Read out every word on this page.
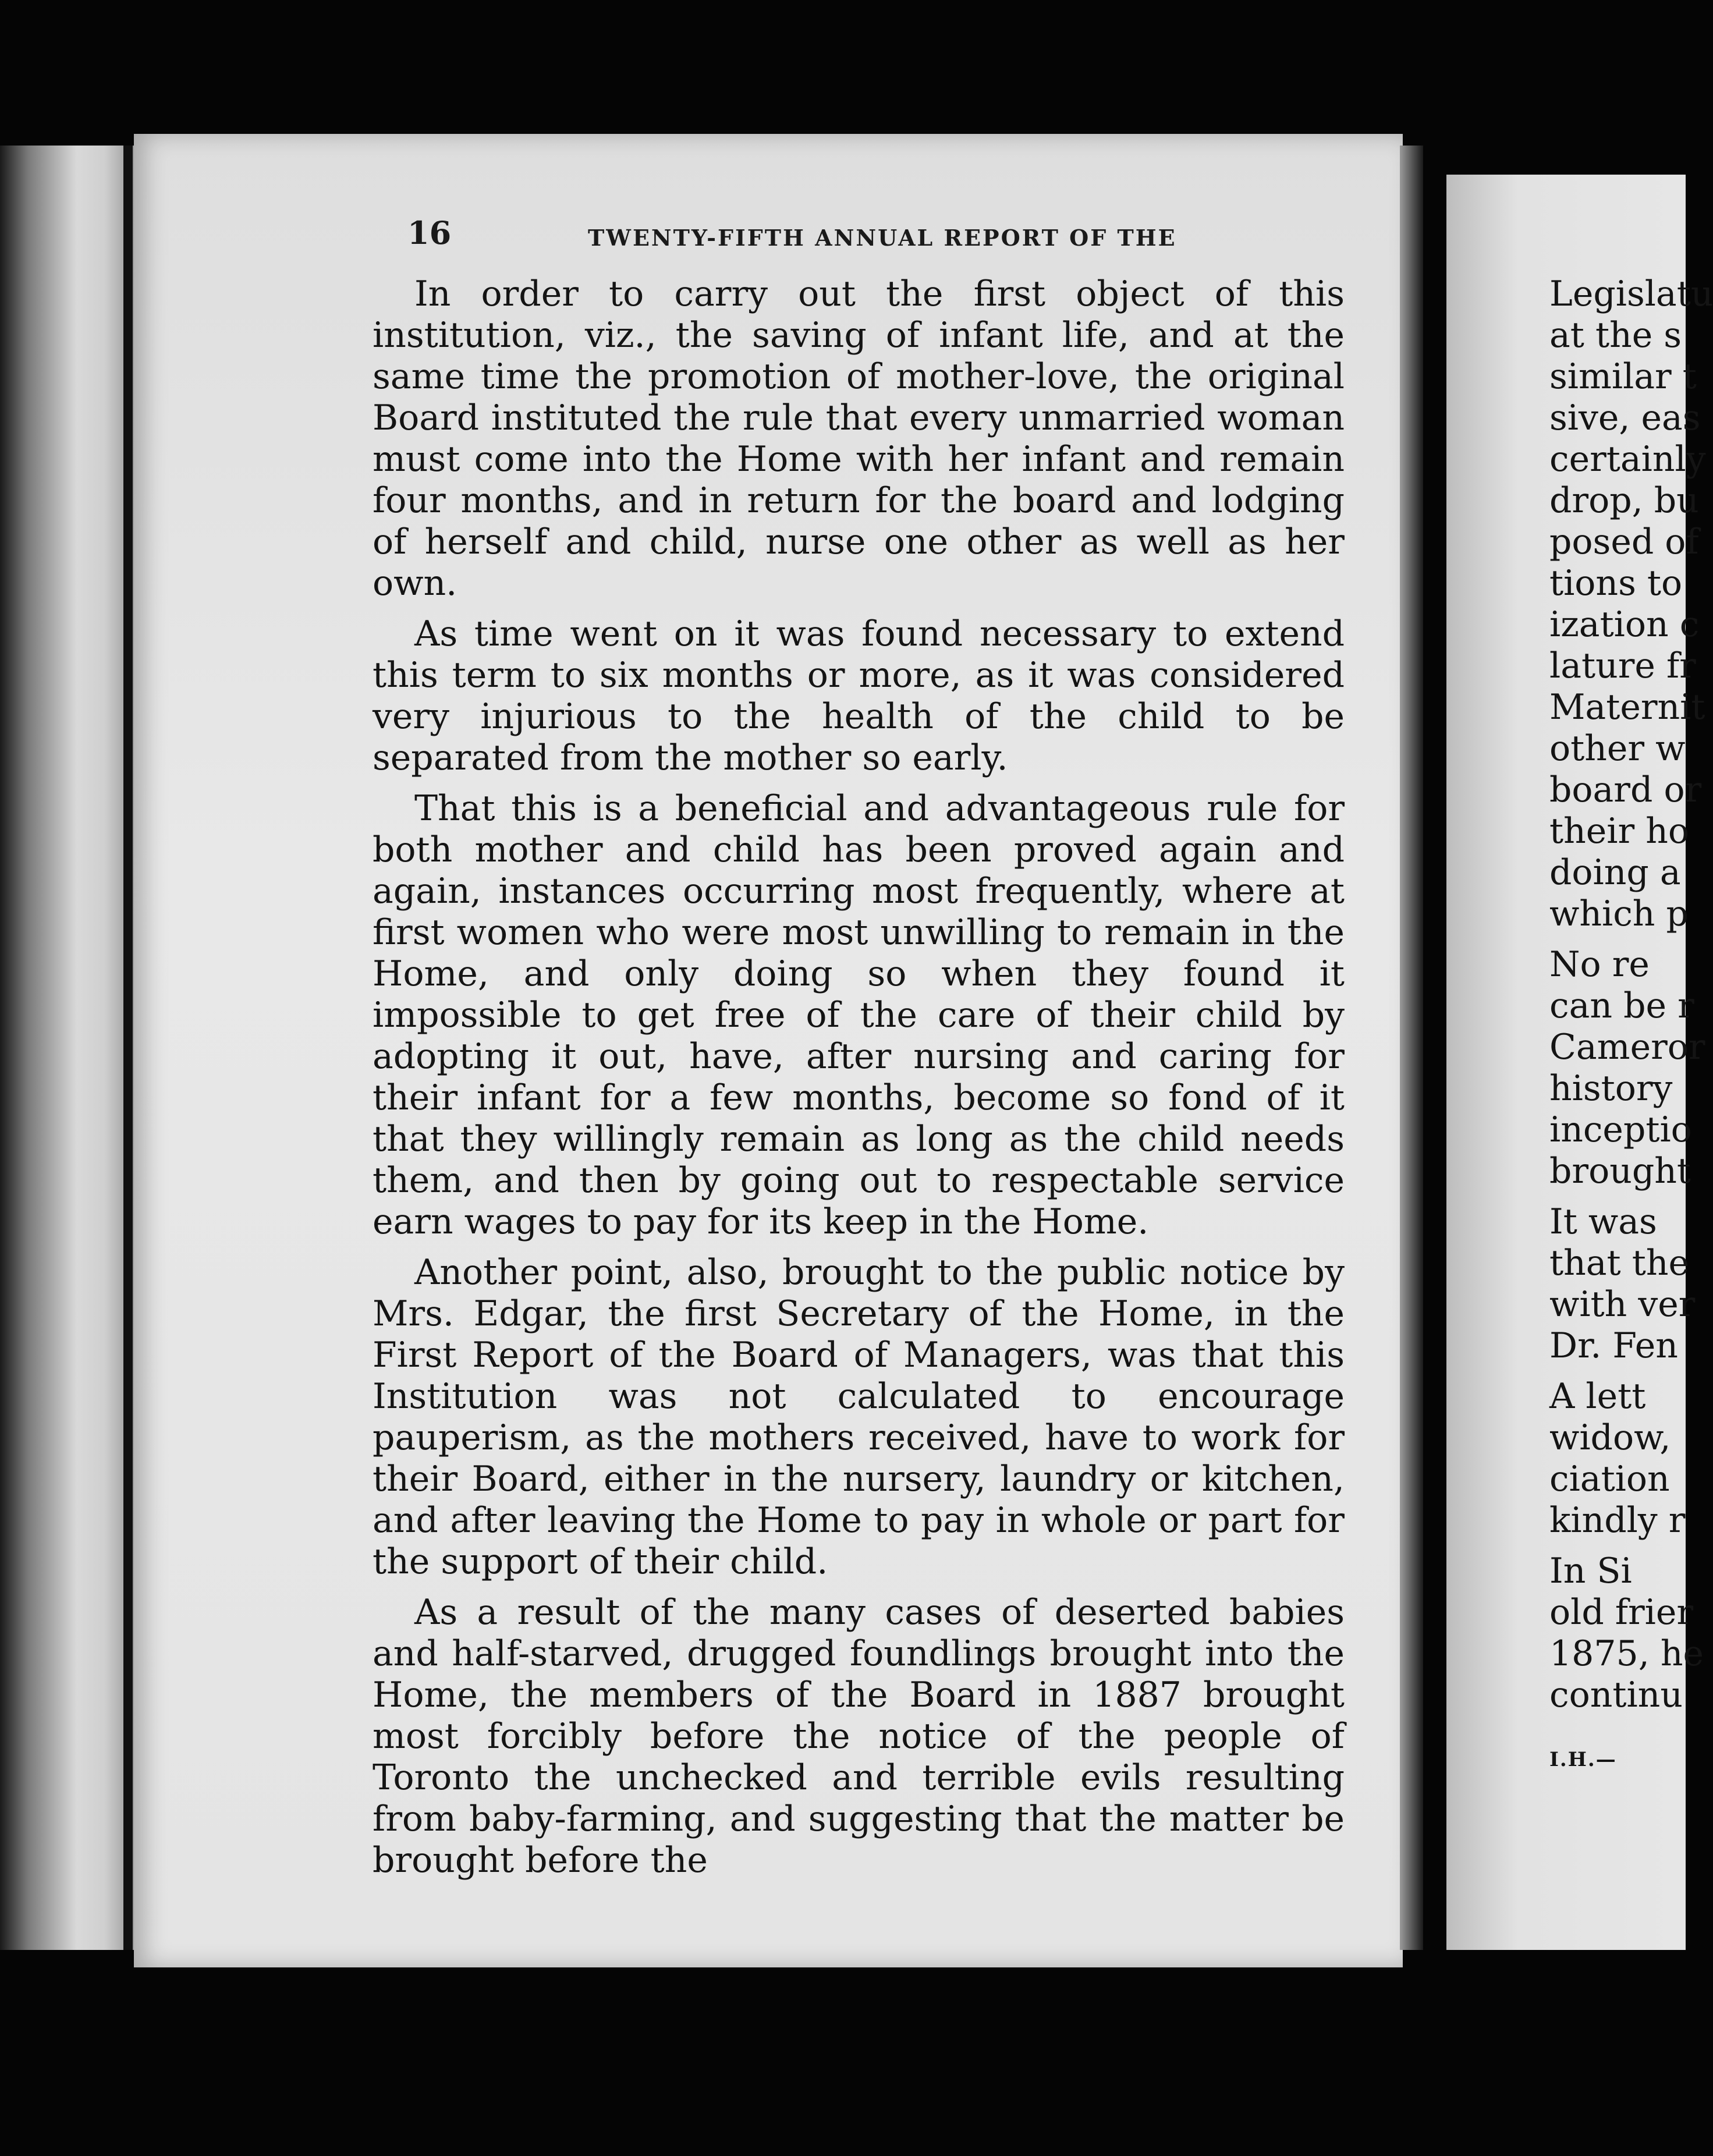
16	TWENTY-FIFTH ANNUAL REPORT OF THE

In order to carry out the first object of this institution, viz., the saving of infant life, and at the same time the promotion of mother-love, the original Board instituted the rule that every unmarried woman must come into the Home with her infant and remain four months, and in return for the board and lodging of herself and child, nurse one other as well as her own.

As time went on it was found necessary to extend this term to six months or more, as it was considered very injurious to the health of the child to be separated from the mother so early.

That this is a beneficial and advantageous rule for both mother and child has been proved again and again, instances occurring most frequently, where at first women who were most unwilling to remain in the Home, and only doing so when they found it impossible to get free of the care of their child by adopting it out, have, after nursing and caring for their infant for a few months, become so fond of it that they willingly remain as long as the child needs them, and then by going out to respectable service earn wages to pay for its keep in the Home.

Another point, also, brought to the public notice by Mrs. Edgar, the first Secretary of the Home, in the First Report of the Board of Managers, was that this Institution was not calculated to encourage pauperism, as the mothers received, have to work for their Board, either in the nursery, laundry or kitchen, and after leaving the Home to pay in whole or part for the support of their child.

As a result of the many cases of deserted babies and half-starved, drugged foundlings brought into the Home, the members of the Board in 1887 brought most forcibly before the notice of the people of Toronto the unchecked and terrible evils resulting from baby-farming, and suggesting that the matter be brought before the

Legislatu
at the s
similar t
sive, eas
certainly
drop, bu
posed of
tions to
ization c
lature fr
Maternit
other w
board or
their ho
doing a
which p
No re
can be r
Cameror
history
inceptio
brought
It was
that the
with ver
Dr. Fen
A lett
widow,
ciation
kindly r
In Si
old frier
1875, he
continu
I.H.—
